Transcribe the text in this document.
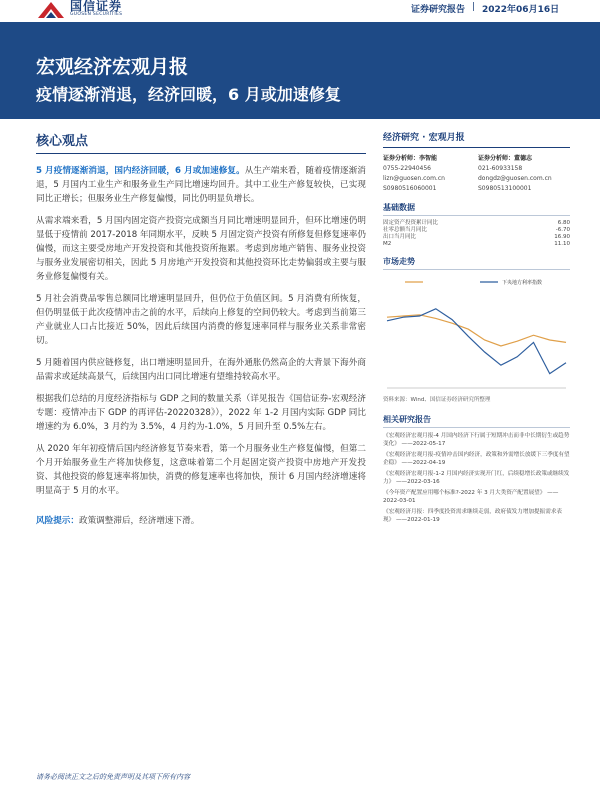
国信证券
GUOSEN SECURITIES	证券研究报告 | 2022年06月16日
宏观经济宏观月报
疫情逐渐消退，经济回暖，6 月或加速修复
核心观点

5 月疫情逐渐消退，国内经济回暖，6 月或加速修复。从生产端来看，随着疫情逐渐消退，5 月国内工业生产和服务业生产同比增速均回升。其中工业生产修复较快，已实现同比正增长；但服务业生产修复偏慢，同比仍明显负增长。

从需求端来看，5 月国内固定资产投资完成额当月同比增速明显回升，但环比增速仍明显低于疫情前 2017-2018 年同期水平，反映 5 月固定资产投资有所修复但修复速率仍偏慢，而这主要受房地产开发投资和其他投资所拖累。考虑到房地产销售、服务业投资与服务业发展密切相关，因此 5 月房地产开发投资和其他投资环比走势偏弱或主要与服务业修复偏慢有关。

5 月社会消费品零售总额同比增速明显回升，但仍位于负值区间。5 月消费有所恢复，但仍明显低于此次疫情冲击之前的水平，后续向上修复的空间仍较大。考虑到当前第三产业就业人口占比接近 50%，因此后续国内消费的修复速率同样与服务业关系非常密切。

5 月随着国内供应链修复，出口增速明显回升，在海外通胀仍然高企的大背景下海外商品需求或延续高景气，后续国内出口同比增速有望维持较高水平。

根据我们总结的月度经济指标与 GDP 之间的数量关系（详见报告《国信证券-宏观经济专题：疫情冲击下 GDP 的再评估-20220328》），2022 年 1-2 月国内实际 GDP 同比增速约为 6.0%，3 月约为 3.5%，4 月约为-1.0%，5 月回升至 0.5%左右。

从 2020 年年初疫情后国内经济修复节奏来看，第一个月服务业生产修复偏慢，但第二个月开始服务业生产将加快修复，这意味着第二个月起固定资产投资中房地产开发投资、其他投资的修复速率将加快，消费的修复速率也将加快，预计 6 月国内经济增速将明显高于 5 月的水平。

风险提示：政策调整滞后，经济增速下滑。

经济研究 · 宏观月报
证券分析师：李智能
0755-22940456
lizn@guosen.com.cn
S0980516060001
证券分析师：董德志
021-60933158
dongdz@guosen.com.cn
S0980513100001
基础数据
固定资产投资累计同比	6.80
社零总额当月同比	-6.70
出口当月同比	16.90
M2	11.10
市场走势
下央地方利率指数
资料来源：Wind、国信证券经济研究所整理
相关研究报告
《宏观经济宏观月报-4 月国内经济下行属于短期冲击而非中长期衍生或趋势变化》 ——2022-05-17
《宏观经济宏观月报-疫情冲击国内经济，政策和外需增长放缓下三季度有望企稳》 ——2022-04-19
《宏观经济宏观月报-1-2 月国内经济实现开门红，后续稳增长政策或继续发力》 ——2022-03-16
《今年资产配置应用哪个标准?-2022 年 3 月大类资产配置展望》 ——2022-03-01
《宏观经济月报：四季度投资需求继续走弱，政府债发力增加提振需求表现》 ——2022-01-19
请务必阅读正文之后的免责声明及其项下所有内容
